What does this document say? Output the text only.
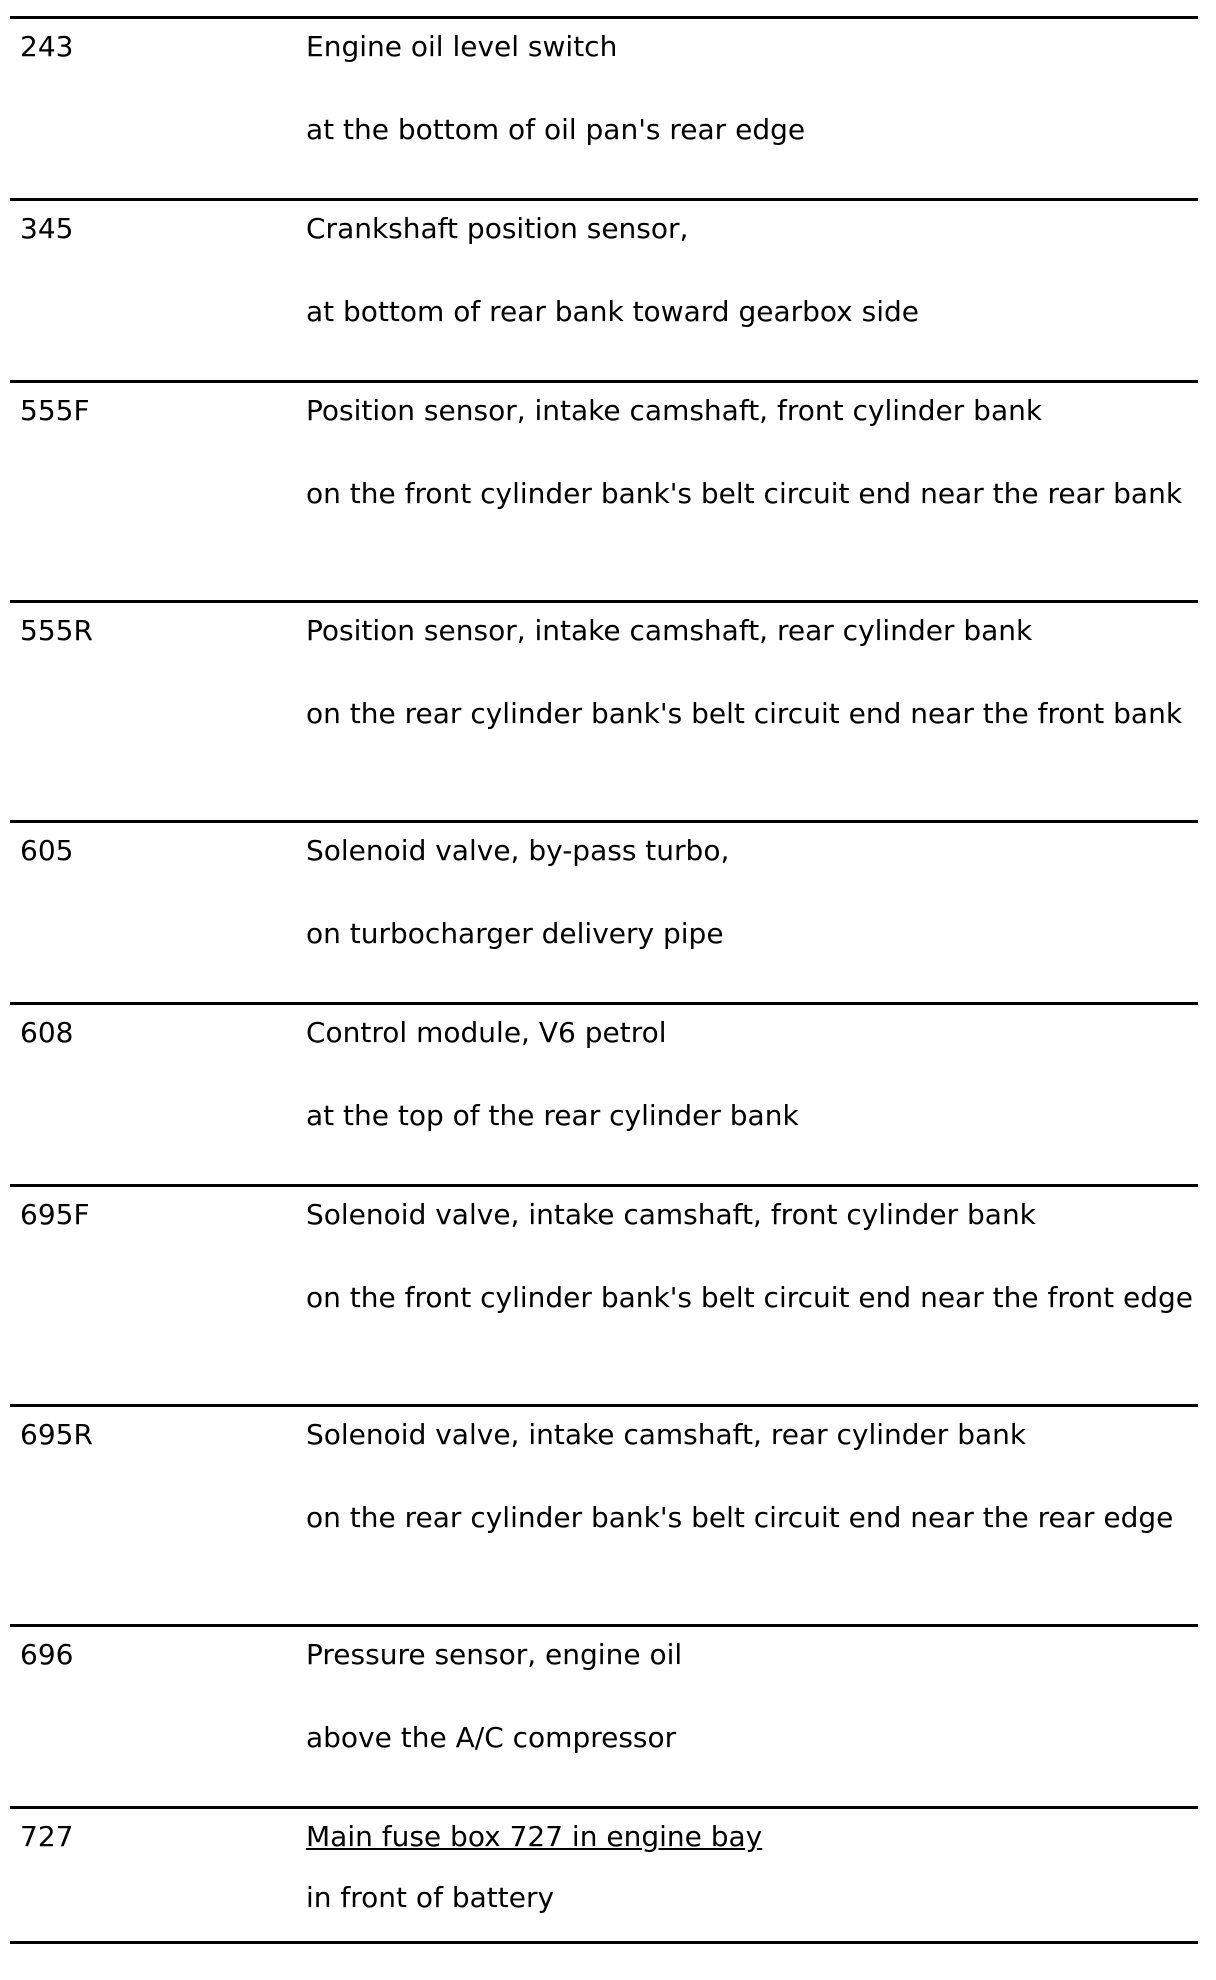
243	Engine oil level switch
at the bottom of oil pan's rear edge
345	Crankshaft position sensor,
at bottom of rear bank toward gearbox side
555F	Position sensor, intake camshaft, front cylinder bank
on the front cylinder bank's belt circuit end near the rear bank
555R	Position sensor, intake camshaft, rear cylinder bank
on the rear cylinder bank's belt circuit end near the front bank
605	Solenoid valve, by-pass turbo,
on turbocharger delivery pipe
608	Control module, V6 petrol
at the top of the rear cylinder bank
695F	Solenoid valve, intake camshaft, front cylinder bank
on the front cylinder bank's belt circuit end near the front edge
695R	Solenoid valve, intake camshaft, rear cylinder bank
on the rear cylinder bank's belt circuit end near the rear edge
696	Pressure sensor, engine oil
above the A/C compressor
727	Main fuse box 727 in engine bay
in front of battery
